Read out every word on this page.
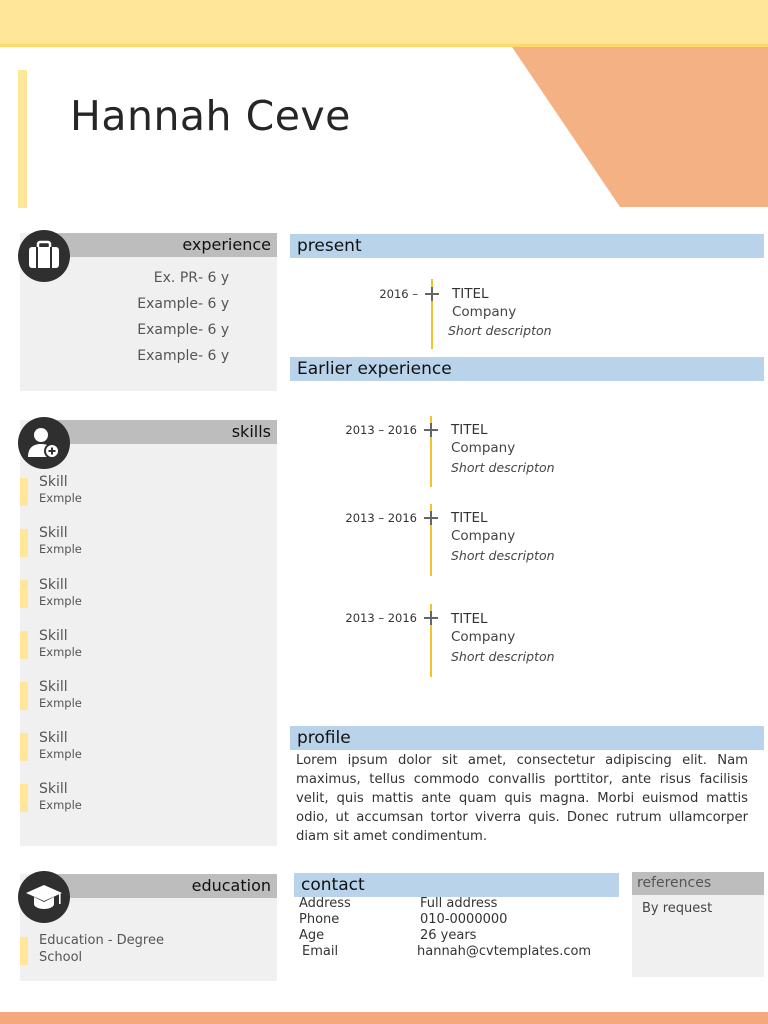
Hannah Ceve
experience
Ex. PR - 6 y
Example - 6 y
Example - 6 y
Example - 6 y
skills
Skill
Exmple
Skill
Exmple
Skill
Exmple
Skill
Exmple
Skill
Exmple
Skill
Exmple
Skill
Exmple
education
Education - Degree
School
present
2016 –	TITEL
Company
Short descripton
Earlier experience
2013 – 2016	TITEL
Company
Short descripton
2013 – 2016	TITEL
Company
Short descripton
2013 – 2016	TITEL
Company
Short descripton
profile
Lorem ipsum dolor sit amet, consectetur adipiscing elit. Nam maximus, tellus commodo convallis porttitor, ante risus facilisis velit, quis mattis ante quam quis magna. Morbi euismod mattis odio, ut accumsan tortor viverra quis. Donec rutrum ullamcorper diam sit amet condimentum.
contact
Address	Full address
Phone	010-0000000
Age	26 years
Email	hannah@cvtemplates.com
references
By request
